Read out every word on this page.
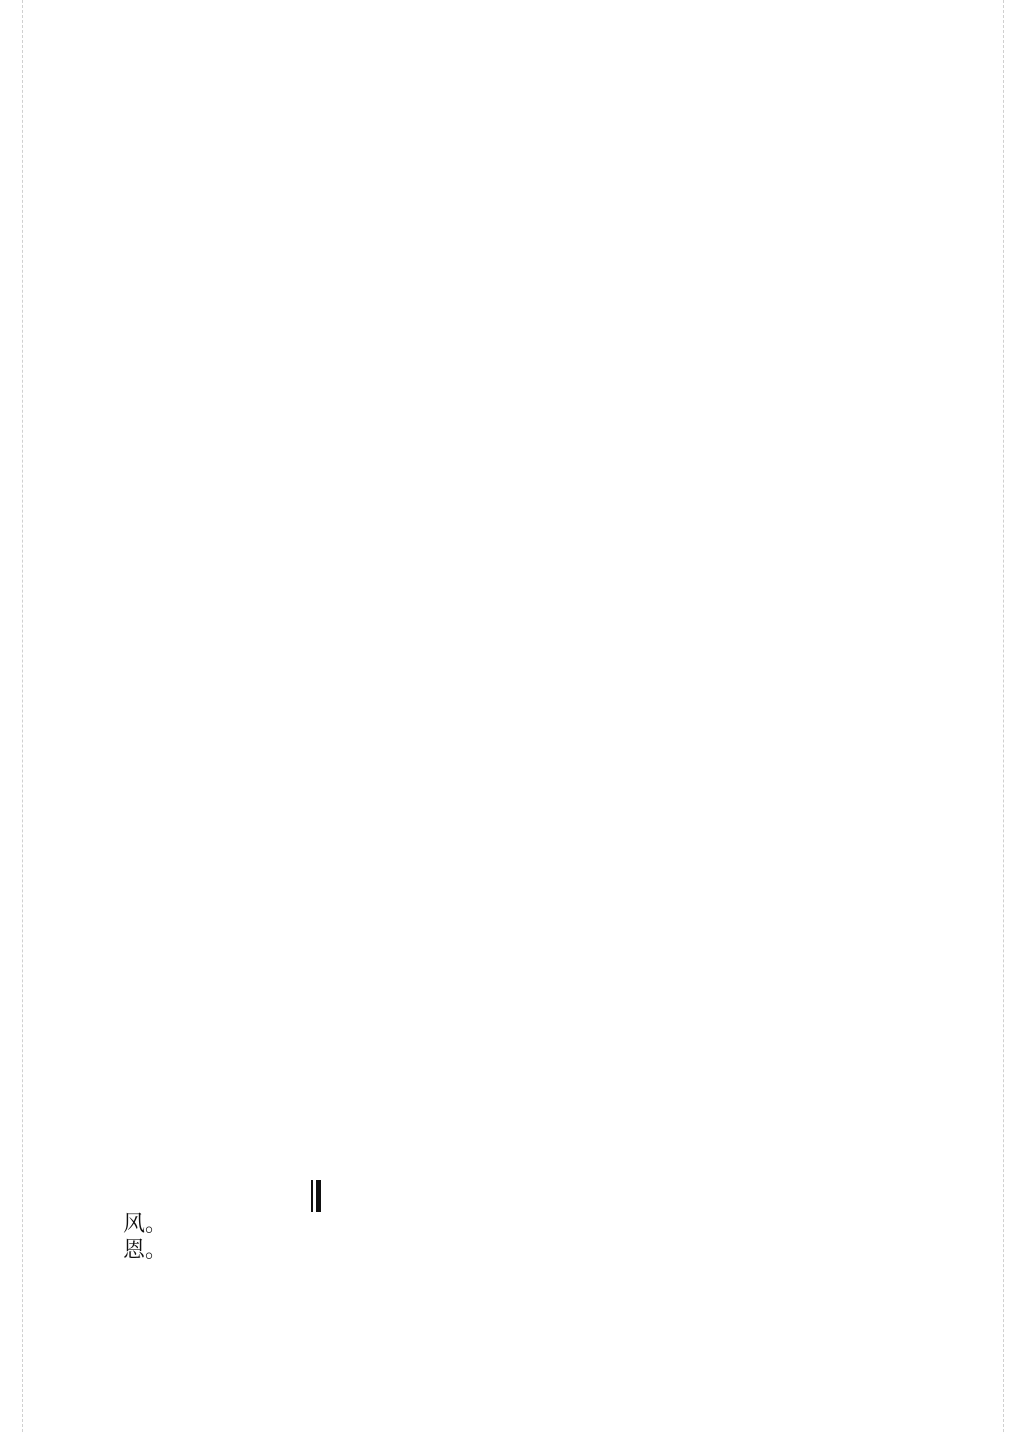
风。
恩。
